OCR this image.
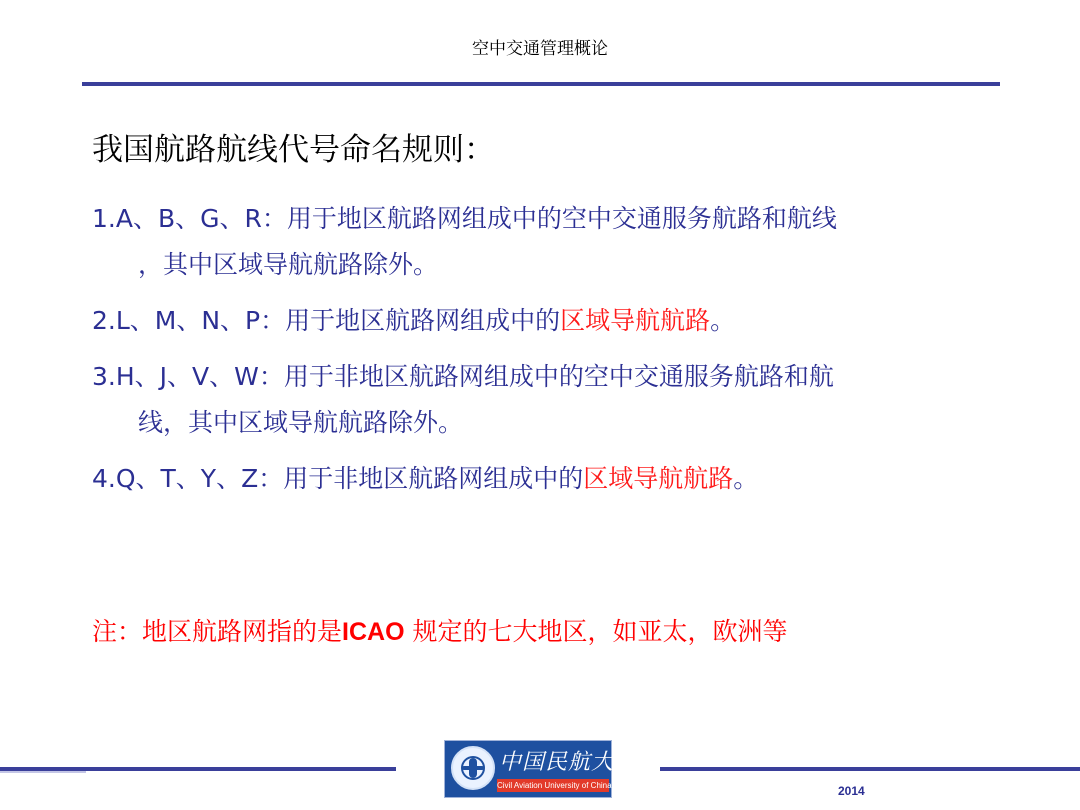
空中交通管理概论
我国航路航线代号命名规则：
1.A、B、G、R：用于地区航路网组成中的空中交通服务航路和航线
，其中区域导航航路除外。
2.L、M、N、P：用于地区航路网组成中的区域导航航路。
3.H、J、V、W：用于非地区航路网组成中的空中交通服务航路和航
线，其中区域导航航路除外。
4.Q、T、Y、Z：用于非地区航路网组成中的区域导航航路。
注：地区航路网指的是ICAO 规定的七大地区，如亚太，欧洲等
中国民航大学
Civil Aviation University of China	2014
